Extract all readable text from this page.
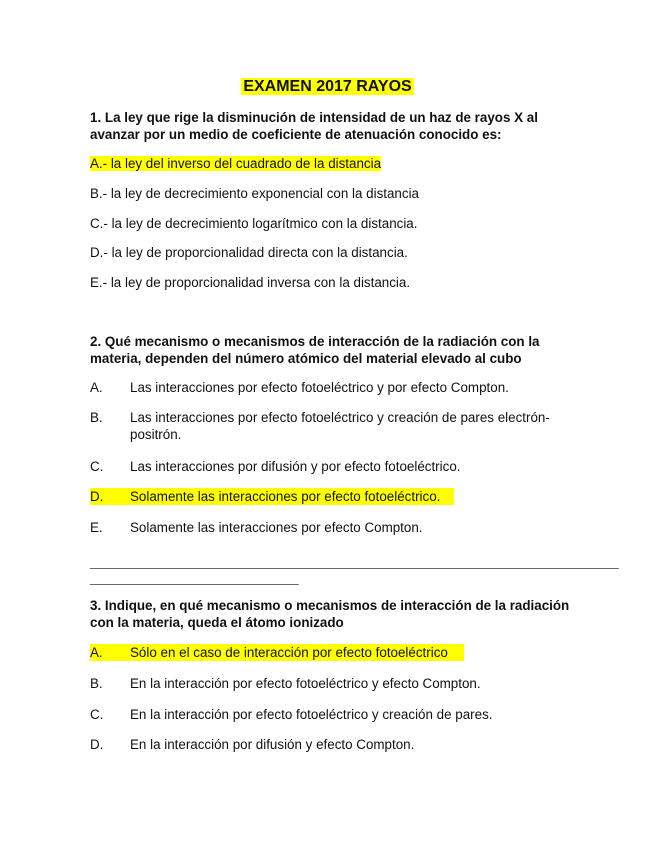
EXAMEN 2017 RAYOS
1. La ley que rige la disminución de intensidad de un haz de rayos X al avanzar por un medio de coeficiente de atenuación conocido es:
A.- la ley del inverso del cuadrado de la distancia
B.- la ley de decrecimiento exponencial con la distancia
C.- la ley de decrecimiento logarítmico con la distancia.
D.- la ley de proporcionalidad directa con la distancia.
E.- la ley de proporcionalidad inversa con la distancia.
2. Qué mecanismo o mecanismos de interacción de la radiación con la materia, dependen del número atómico del material elevado al cubo
A.	Las interacciones por efecto fotoeléctrico y por efecto Compton.
B.	Las interacciones por efecto fotoeléctrico y creación de pares electrón-positrón.
C.	Las interacciones por difusión y por efecto fotoeléctrico.
D.	Solamente las interacciones por efecto fotoeléctrico.
E.	Solamente las interacciones por efecto Compton.
_______________________________________________________________________
____________________________
3. Indique, en qué mecanismo o mecanismos de interacción de la radiación con la materia, queda el átomo ionizado
A.	Sólo en el caso de interacción por efecto fotoeléctrico
B.	En la interacción por efecto fotoeléctrico y efecto Compton.
C.	En la interacción por efecto fotoeléctrico y creación de pares.
D.	En la interacción por difusión y efecto Compton.
